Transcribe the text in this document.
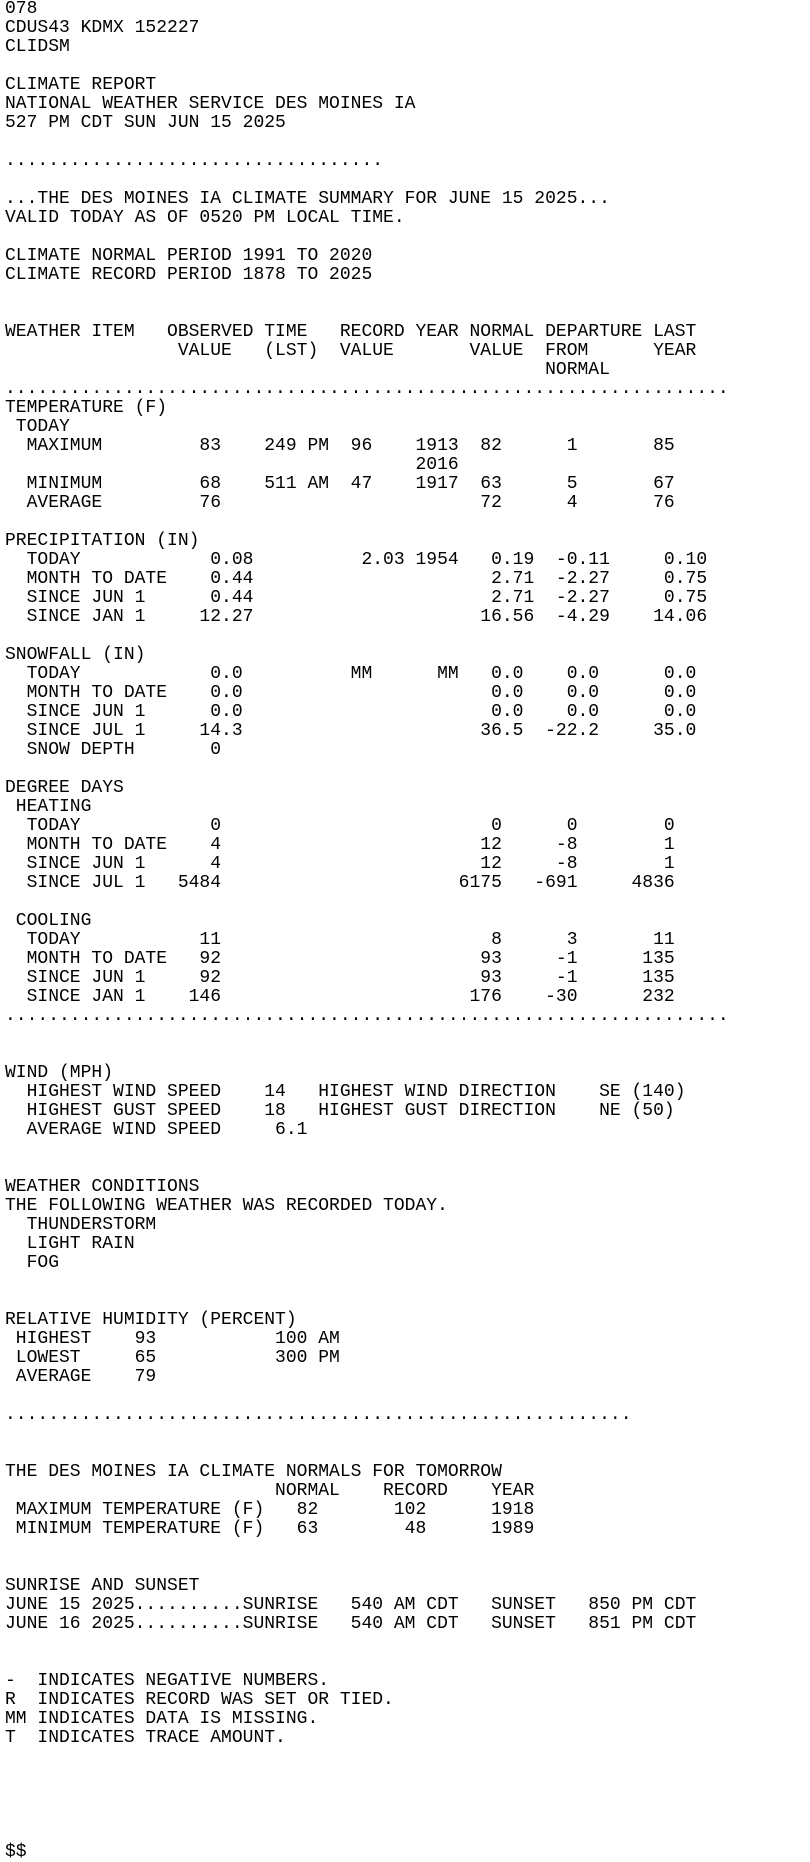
078
CDUS43 KDMX 152227
CLIDSM
CLIMATE REPORT
NATIONAL WEATHER SERVICE DES MOINES IA
527 PM CDT SUN JUN 15 2025
...................................
...THE DES MOINES IA CLIMATE SUMMARY FOR JUNE 15 2025...
VALID TODAY AS OF 0520 PM LOCAL TIME.
CLIMATE NORMAL PERIOD 1991 TO 2020
CLIMATE RECORD PERIOD 1878 TO 2025
WEATHER ITEM   OBSERVED TIME   RECORD YEAR NORMAL DEPARTURE LAST
VALUE   (LST)  VALUE       VALUE  FROM      YEAR
NORMAL
...................................................................
TEMPERATURE (F)
TODAY
MAXIMUM         83    249 PM  96    1913  82      1       85
2016
MINIMUM         68    511 AM  47    1917  63      5       67
AVERAGE         76                        72      4       76
PRECIPITATION (IN)
TODAY            0.08          2.03 1954   0.19  -0.11     0.10
MONTH TO DATE    0.44                      2.71  -2.27     0.75
SINCE JUN 1      0.44                      2.71  -2.27     0.75
SINCE JAN 1     12.27                     16.56  -4.29    14.06
SNOWFALL (IN)
TODAY            0.0          MM      MM   0.0    0.0      0.0
MONTH TO DATE    0.0                       0.0    0.0      0.0
SINCE JUN 1      0.0                       0.0    0.0      0.0
SINCE JUL 1     14.3                      36.5  -22.2     35.0
SNOW DEPTH       0
DEGREE DAYS
HEATING
TODAY            0                         0      0        0
MONTH TO DATE    4                        12     -8        1
SINCE JUN 1      4                        12     -8        1
SINCE JUL 1   5484                      6175   -691     4836
COOLING
TODAY           11                         8      3       11
MONTH TO DATE   92                        93     -1      135
SINCE JUN 1     92                        93     -1      135
SINCE JAN 1    146                       176    -30      232
...................................................................
WIND (MPH)
HIGHEST WIND SPEED    14   HIGHEST WIND DIRECTION    SE (140)
HIGHEST GUST SPEED    18   HIGHEST GUST DIRECTION    NE (50)
AVERAGE WIND SPEED     6.1
WEATHER CONDITIONS
THE FOLLOWING WEATHER WAS RECORDED TODAY.
THUNDERSTORM
LIGHT RAIN
FOG
RELATIVE HUMIDITY (PERCENT)
HIGHEST    93           100 AM
LOWEST     65           300 PM
AVERAGE    79
..........................................................
THE DES MOINES IA CLIMATE NORMALS FOR TOMORROW
NORMAL    RECORD    YEAR
MAXIMUM TEMPERATURE (F)   82       102      1918
MINIMUM TEMPERATURE (F)   63        48      1989
SUNRISE AND SUNSET
JUNE 15 2025..........SUNRISE   540 AM CDT   SUNSET   850 PM CDT
JUNE 16 2025..........SUNRISE   540 AM CDT   SUNSET   851 PM CDT
-  INDICATES NEGATIVE NUMBERS.
R  INDICATES RECORD WAS SET OR TIED.
MM INDICATES DATA IS MISSING.
T  INDICATES TRACE AMOUNT.
$$
